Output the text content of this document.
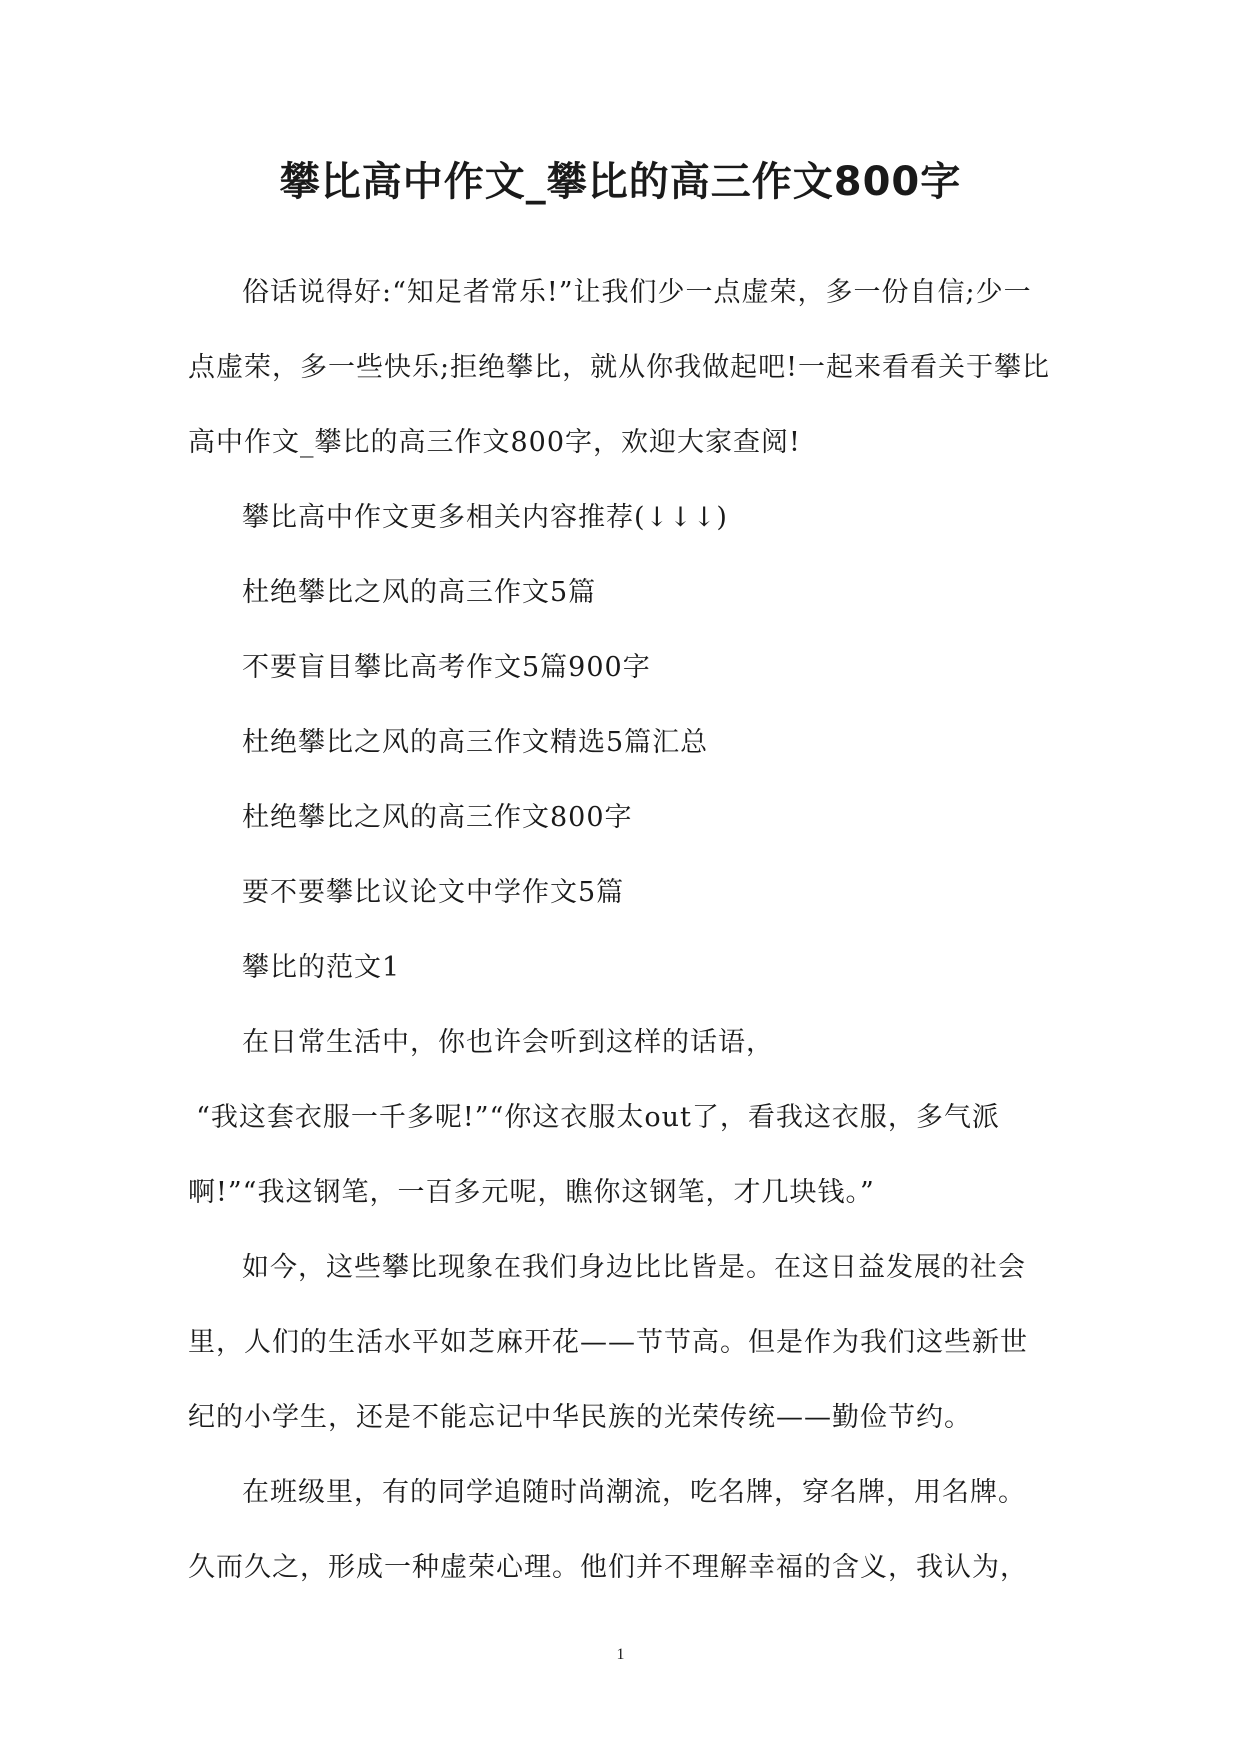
攀比高中作文_攀比的高三作文800字

俗话说得好:“知足者常乐!”让我们少一点虚荣，多一份自信;少一点虚荣，多一些快乐;拒绝攀比，就从你我做起吧!一起来看看关于攀比高中作文_攀比的高三作文800字，欢迎大家查阅!

攀比高中作文更多相关内容推荐(↓↓↓)

杜绝攀比之风的高三作文5篇

不要盲目攀比高考作文5篇900字

杜绝攀比之风的高三作文精选5篇汇总

杜绝攀比之风的高三作文800字

要不要攀比议论文中学作文5篇

攀比的范文1

在日常生活中，你也许会听到这样的话语，

“我这套衣服一千多呢!”“你这衣服太out了，看我这衣服，多气派啊!”“我这钢笔，一百多元呢，瞧你这钢笔，才几块钱。”

如今，这些攀比现象在我们身边比比皆是。在这日益发展的社会里，人们的生活水平如芝麻开花——节节高。但是作为我们这些新世纪的小学生，还是不能忘记中华民族的光荣传统——勤俭节约。

在班级里，有的同学追随时尚潮流，吃名牌，穿名牌，用名牌。久而久之，形成一种虚荣心理。他们并不理解幸福的含义，我认为，

1
